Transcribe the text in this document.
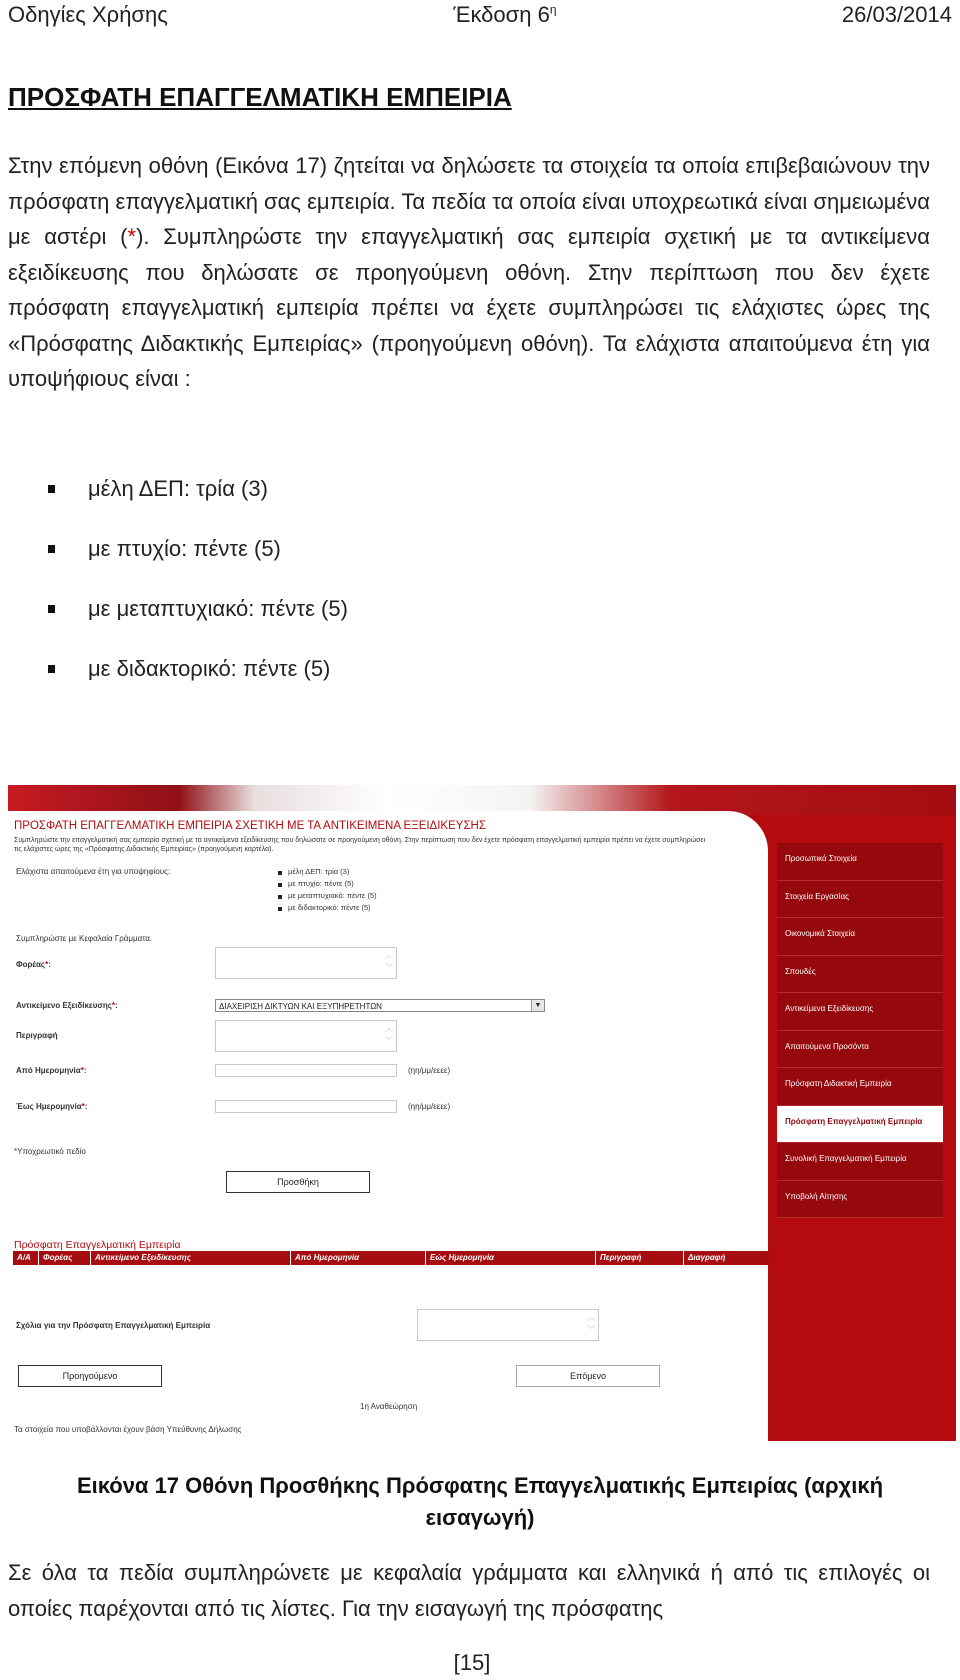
Οδηγίες Χρήσης	Έκδοση $6^\eta$	26/03/2014
ΠΡΟΣΦΑΤΗ ΕΠΑΓΓΕΛΜΑΤΙΚΗ ΕΜΠΕΙΡΙΑ
Στην επόμενη οθόνη (Εικόνα 17) ζητείται να δηλώσετε τα στοιχεία τα οποία επιβεβαιώνουν την πρόσφατη επαγγελματική σας εμπειρία. Τα πεδία τα οποία είναι υποχρεωτικά είναι σημειωμένα με αστέρι (*). Συμπληρώστε την επαγγελματική σας εμπειρία σχετική με τα αντικείμενα εξειδίκευσης που δηλώσατε σε προηγούμενη οθόνη. Στην περίπτωση που δεν έχετε πρόσφατη επαγγελματική εμπειρία πρέπει να έχετε συμπληρώσει τις ελάχιστες ώρες της «Πρόσφατης Διδακτικής Εμπειρίας» (προηγούμενη οθόνη). Τα ελάχιστα απαιτούμενα έτη για υποψήφιους είναι :
μέλη ΔΕΠ: τρία (3)
με πτυχίο: πέντε (5)
με μεταπτυχιακό: πέντε (5)
με διδακτορικό: πέντε (5)
ΠΡΟΣΦΑΤΗ ΕΠΑΓΓΕΛΜΑΤΙΚΗ ΕΜΠΕΙΡΙΑ ΣΧΕΤΙΚΗ ΜΕ ΤΑ ΑΝΤΙΚΕΙΜΕΝΑ ΕΞΕΙΔΙΚΕΥΣΗΣ
Συμπληρώστε την επαγγελματική σας εμπειρία σχετική με τα αντικείμενα εξειδίκευσης που δηλώσατε σε προηγούμενη οθόνη. Στην περίπτωση που δεν έχετε πρόσφατη επαγγελματική εμπειρία πρέπει να έχετε συμπληρώσει
τις ελάχιστες ώρες της «Πρόσφατης Διδακτικής Εμπειρίας» (προηγούμενη καρτέλα).
Ελάχιστα απαιτούμενα έτη για υποψηφίους:	μέλη ΔΕΠ: τρία (3)
με πτυχίο: πέντε (5)
με μεταπτυχιακό: πέντε (5)
με διδακτορικό: πέντε (5)
Συμπληρώστε με Κεφαλαία Γράμματα.
Φορέας*:
︿
﹀
Αντικείμενο Εξειδίκευσης*:	ΔΙΑΧΕΙΡΙΣΗ ΔΙΚΤΥΩΝ ΚΑΙ ΕΞΥΠΗΡΕΤΗΤΩΝ	▼
Περιγραφή
︿
﹀
Από Ημερομηνία*:	(ηη/μμ/εεεε)
Έως Ημερομηνία*:	(ηη/μμ/εεεε)
*Υποχρεωτικό πεδίο
Προσθήκη
Πρόσφατη Επαγγελματική Εμπειρία
Α/Α	Φορέας	Αντικείμενο Εξειδίκευσης	Από Ημερομηνία	Εώς Ημερομηνία	Περιγραφή	Διαγραφή
Σχόλια για την Πρόσφατη Επαγγελματική Εμπειρία
︿
﹀
Προηγούμενο	Επόμενο
1η Αναθεώρηση
Τα στοιχεία που υποβάλλονται έχουν βάση Υπεύθυνης Δήλωσης
Προσωπικά Στοιχεία
Στοιχεία Εργασίας
Οικονομικά Στοιχεία
Σπουδές
Αντικείμενα Εξειδίκευσης
Απαιτούμενα Προσόντα
Πρόσφατη Διδακτική Εμπειρία
Πρόσφατη Επαγγελματική Εμπειρία
Συνολική Επαγγελματική Εμπειρία
Υποβολή Αίτησης
Εικόνα 17 Οθόνη Προσθήκης Πρόσφατης Επαγγελματικής Εμπειρίας (αρχική εισαγωγή)
Σε όλα τα πεδία συμπληρώνετε με κεφαλαία γράμματα και ελληνικά ή από τις επιλογές οι οποίες παρέχονται από τις λίστες. Για την εισαγωγή της πρόσφατης
[15]
